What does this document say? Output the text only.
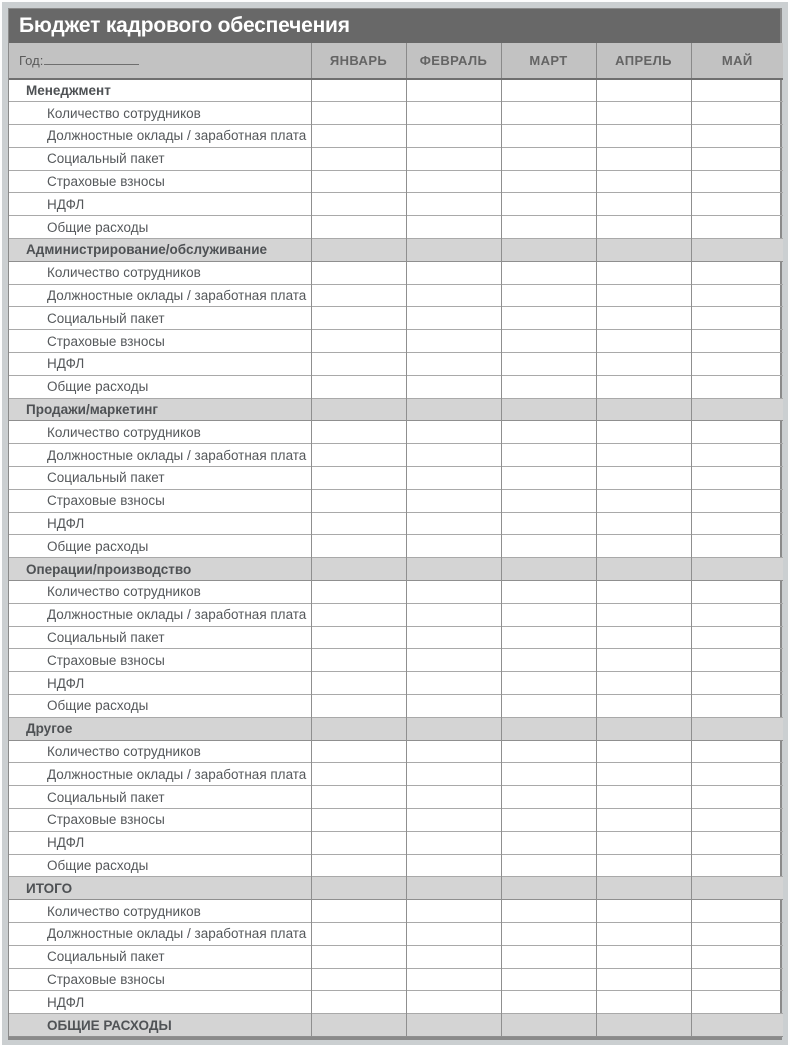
Бюджет кадрового обеспечения
Год:	ЯНВАРЬ	ФЕВРАЛЬ	МАРТ	АПРЕЛЬ	МАЙ
Менеджмент					
Количество сотрудников					
Должностные оклады / заработная плата					
Социальный пакет					
Страховые взносы					
НДФЛ					
Общие расходы					
Администрирование/обслуживание					
Количество сотрудников					
Должностные оклады / заработная плата					
Социальный пакет					
Страховые взносы					
НДФЛ					
Общие расходы					
Продажи/маркетинг					
Количество сотрудников					
Должностные оклады / заработная плата					
Социальный пакет					
Страховые взносы					
НДФЛ					
Общие расходы					
Операции/производство					
Количество сотрудников					
Должностные оклады / заработная плата					
Социальный пакет					
Страховые взносы					
НДФЛ					
Общие расходы					
Другое					
Количество сотрудников					
Должностные оклады / заработная плата					
Социальный пакет					
Страховые взносы					
НДФЛ					
Общие расходы					
ИТОГО					
Количество сотрудников					
Должностные оклады / заработная плата					
Социальный пакет					
Страховые взносы					
НДФЛ					
ОБЩИЕ РАСХОДЫ					
